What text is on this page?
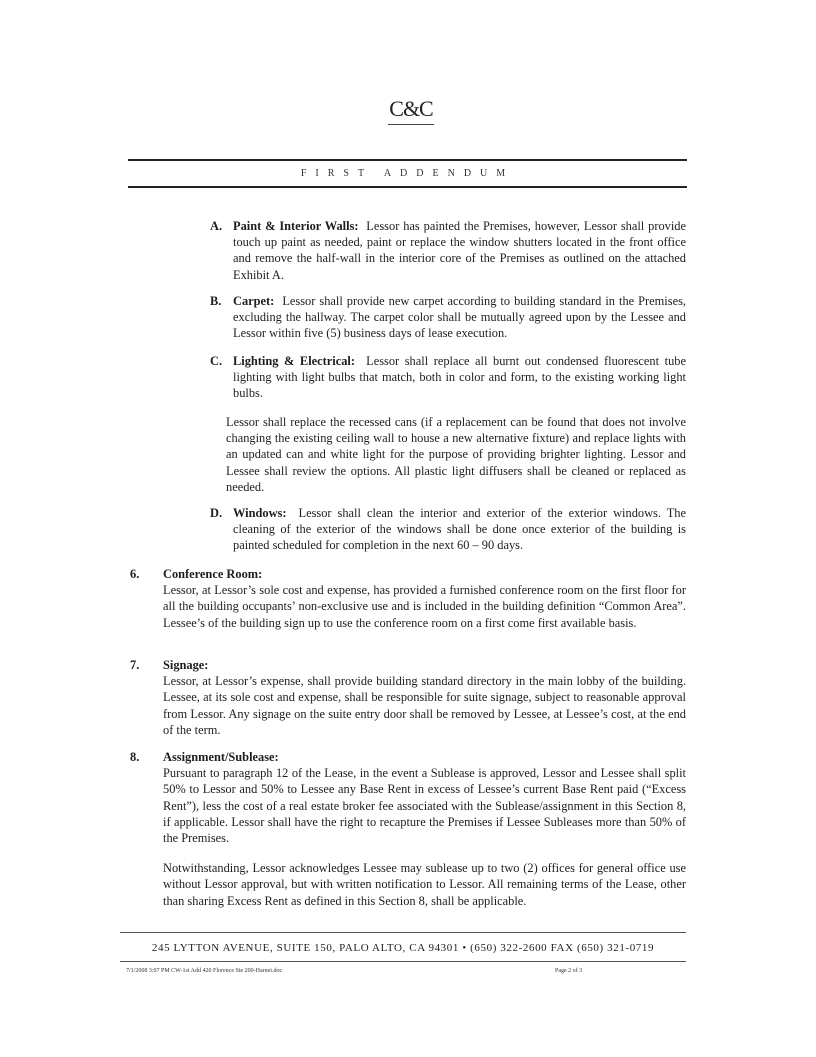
C&C
FIRST ADDENDUM
A. Paint & Interior Walls: Lessor has painted the Premises, however, Lessor shall provide touch up paint as needed, paint or replace the window shutters located in the front office and remove the half-wall in the interior core of the Premises as outlined on the attached Exhibit A.
B. Carpet: Lessor shall provide new carpet according to building standard in the Premises, excluding the hallway. The carpet color shall be mutually agreed upon by the Lessee and Lessor within five (5) business days of lease execution.
C. Lighting & Electrical: Lessor shall replace all burnt out condensed fluorescent tube lighting with light bulbs that match, both in color and form, to the existing working light bulbs.
Lessor shall replace the recessed cans (if a replacement can be found that does not involve changing the existing ceiling wall to house a new alternative fixture) and replace lights with an updated can and white light for the purpose of providing brighter lighting. Lessor and Lessee shall review the options. All plastic light diffusers shall be cleaned or replaced as needed.
D. Windows: Lessor shall clean the interior and exterior of the exterior windows. The cleaning of the exterior of the windows shall be done once exterior of the building is painted scheduled for completion in the next 60 – 90 days.
6. Conference Room:
Lessor, at Lessor’s sole cost and expense, has provided a furnished conference room on the first floor for all the building occupants’ non-exclusive use and is included in the building definition “Common Area”. Lessee’s of the building sign up to use the conference room on a first come first available basis.
7. Signage:
Lessor, at Lessor’s expense, shall provide building standard directory in the main lobby of the building. Lessee, at its sole cost and expense, shall be responsible for suite signage, subject to reasonable approval from Lessor. Any signage on the suite entry door shall be removed by Lessee, at Lessee’s cost, at the end of the term.
8. Assignment/Sublease:
Pursuant to paragraph 12 of the Lease, in the event a Sublease is approved, Lessor and Lessee shall split 50% to Lessor and 50% to Lessee any Base Rent in excess of Lessee’s current Base Rent paid (“Excess Rent”), less the cost of a real estate broker fee associated with the Sublease/assignment in this Section 8, if applicable. Lessor shall have the right to recapture the Premises if Lessee Subleases more than 50% of the Premises.
Notwithstanding, Lessor acknowledges Lessee may sublease up to two (2) offices for general office use without Lessor approval, but with written notification to Lessor. All remaining terms of the Lease, other than sharing Excess Rent as defined in this Section 8, shall be applicable.
245 LYTTON AVENUE, SUITE 150, PALO ALTO, CA 94301 • (650) 322-2600 FAX (650) 321-0719
7/1/2008 3:07 PM CW-1st Add 420 Florence Ste 200-Harnet.doc	Page 2 of 3
